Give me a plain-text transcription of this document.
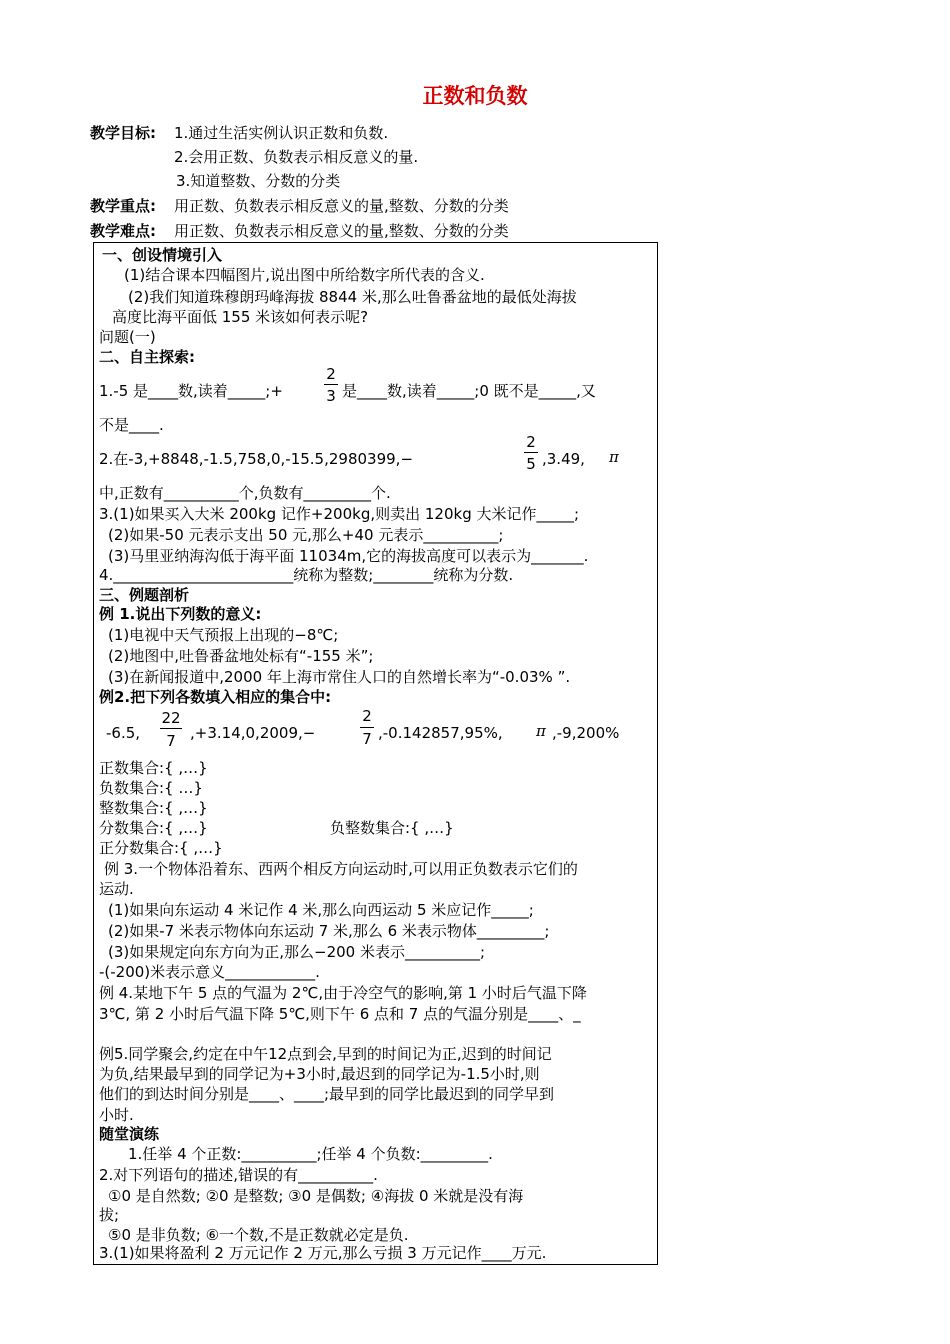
正数和负数
教学目标: 1.通过生活实例认识正数和负数.
2.会用正数、负数表示相反意义的量.
3.知道整数、分数的分类
教学重点: 用正数、负数表示相反意义的量,整数、分数的分类
教学难点: 用正数、负数表示相反意义的量,整数、分数的分类
一、创设情境引入
(1)结合课本四幅图片,说出图中所给数字所代表的含义.
(2)我们知道珠穆朗玛峰海拔 8844 米,那么吐鲁番盆地的最低处海拔
高度比海平面低 155 米该如何表示呢?
问题(一)
二、自主探索:
1.-5 是____数,读着_____;+
2
3 是____数,读着_____;0 既不是_____,又
不是____.
2.在-3,+8848,-1.5,758,0,-15.5,2980399,−
2
5 ,3.49, π
中,正数有__________个,负数有_________个.
3.(1)如果买入大米 200kg 记作+200kg,则卖出 120kg 大米记作_____;
(2)如果-50 元表示支出 50 元,那么+40 元表示__________;
(3)马里亚纳海沟低于海平面 11034m,它的海拔高度可以表示为_______.
4.________________________统称为整数;________统称为分数.
三、例题剖析
例 1.说出下列数的意义:
(1)电视中天气预报上出现的−8℃;
(2)地图中,吐鲁番盆地处标有“-155 米”;
(3)在新闻报道中,2000 年上海市常住人口的自然增长率为“-0.03% ”.
例2.把下列各数填入相应的集合中:
-6.5,
22
7 ,+3.14,0,2009,−
2
7 ,-0.142857,95%, π ,-9,200%
正数集合:{ ,…}
负数集合:{ …}
整数集合:{ ,…}
分数集合:{ ,…}	负整数集合:{ ,…}
正分数集合:{ ,…}
例 3.一个物体沿着东、西两个相反方向运动时,可以用正负数表示它们的
运动.
(1)如果向东运动 4 米记作 4 米,那么向西运动 5 米应记作_____;
(2)如果-7 米表示物体向东运动 7 米,那么 6 米表示物体_________;
(3)如果规定向东方向为正,那么−200 米表示__________;
-(-200)米表示意义____________.
例 4.某地下午 5 点的气温为 2℃,由于冷空气的影响,第 1 小时后气温下降
3℃, 第 2 小时后气温下降 5℃,则下午 6 点和 7 点的气温分别是____、_
例5.同学聚会,约定在中午12点到会,早到的时间记为正,迟到的时间记
为负,结果最早到的同学记为+3小时,最迟到的同学记为-1.5小时,则
他们的到达时间分别是____、____;最早到的同学比最迟到的同学早到
小时.
随堂演练
1.任举 4 个正数:__________;任举 4 个负数:_________.
2.对下列语句的描述,错误的有__________.
①0 是自然数; ②0 是整数; ③0 是偶数; ④海拔 0 米就是没有海
拔;
⑤0 是非负数; ⑥一个数,不是正数就必定是负.
3.(1)如果将盈利 2 万元记作 2 万元,那么亏损 3 万元记作____万元.
